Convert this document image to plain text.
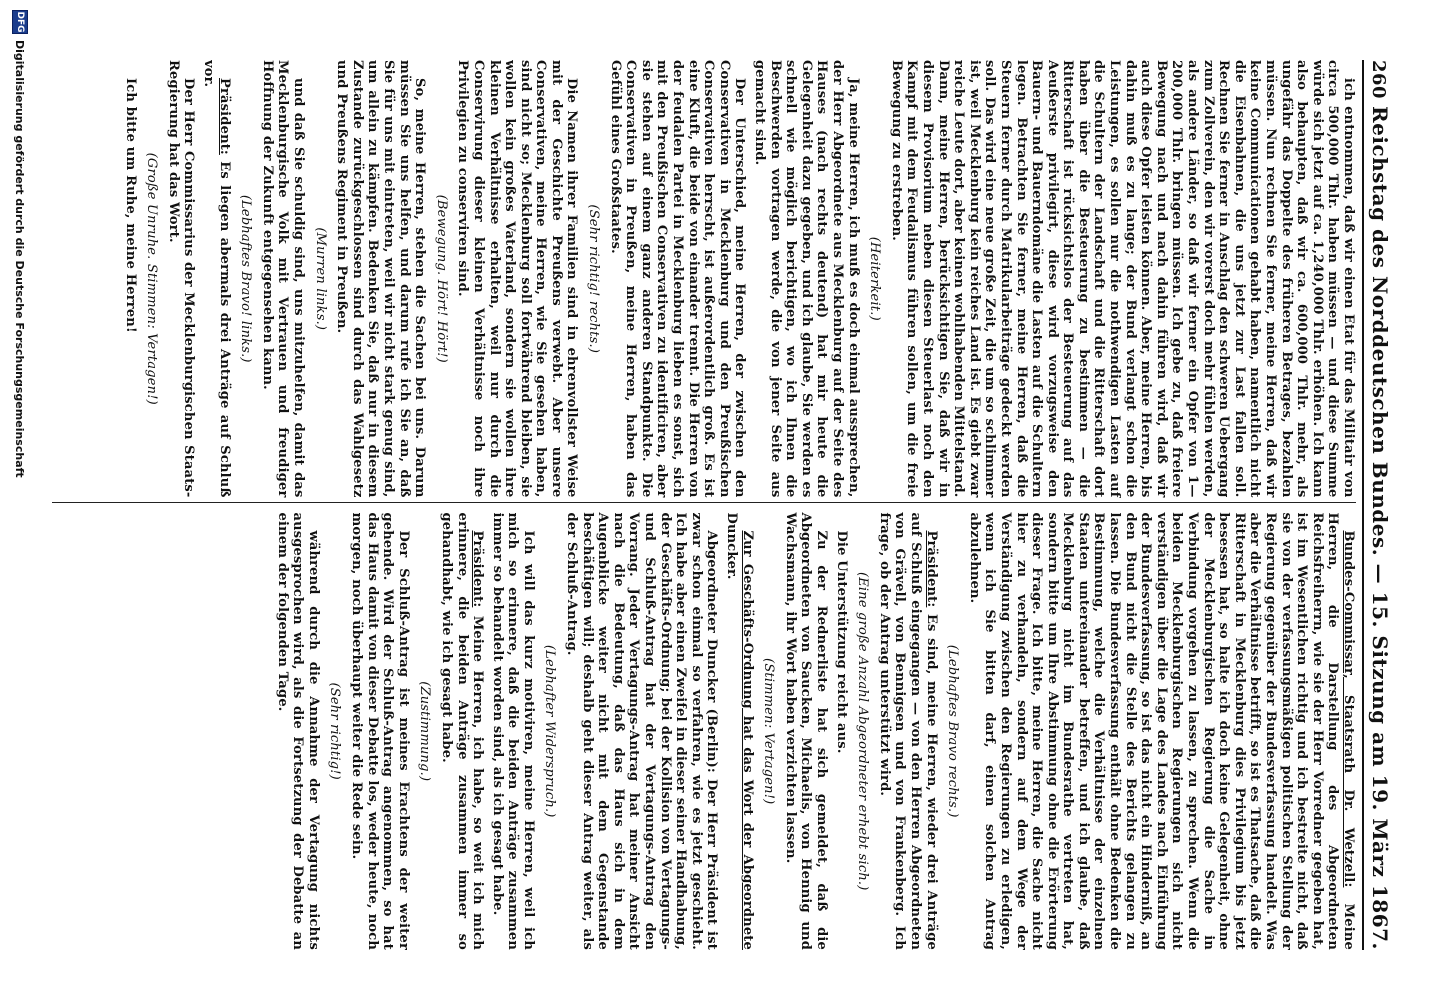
260
Reichstag des Norddeutschen Bundes. — 15. Sitzung am 19. März 1867.

ich entnommen, daß wir einen Etat für das Militair von circa 500,000 Thlr. haben müssen — und diese Summe würde sich jetzt auf ca. 1,240,000 Thlr. erhöhen. Ich kann also behaupten, daß wir ca. 600,000 Thlr. mehr, als ungefähr das Doppelte des früheren Betrages, bezahlen müssen. Nun rechnen Sie ferner, meine Herren, daß wir keine Communicationen gehabt haben, namentlich nicht die Eisenbahnen, die uns jetzt zur Last fallen soll. Rechnen Sie ferner in Anschlag den schweren Uebergang zum Zollverein, den wir vorerst doch mehr fühlen werden, als andere Länder, so daß wir ferner ein Opfer von 1—200,000 Thlr. bringen müssen. Ich gebe zu, daß freiere Bewegung nach und nach dahin führen wird, daß wir auch diese Opfer leisten können. Aber, meine Herren, bis dahin muß es zu lange; der Bund verlangt schon die Leistungen, es sollen nur die nothwendigen Lasten auf die Schultern der Landschaft und die Ritterschaft dort haben über die Besteuerung zu bestimmen — die Ritterschaft ist rücksichtslos der Besteuerung auf das Aeußerste privilegirt, diese wird vorzugsweise den Bauern- und Bauerndomäne die Lasten auf die Schultern legen. Betrachten Sie ferner, meine Herren, daß die Steuern ferner durch Matrikularbeiträge gedeckt werden soll. Das wird eine neue große Zeit, die um so schlimmer ist, weil Mecklenburg kein reiches Land ist. Es giebt zwar reiche Leute dort, aber keinen wohlhabenden Mittelstand. Dann, meine Herren, berücksichtigen Sie, daß wir in diesem Provisorium neben diesen Steuerlast noch den Kampf mit dem Feudalismus führen sollen, um die freie Bewegung zu erstreben.

(Heiterkeit.)

Ja, meine Herren, ich muß es doch einmal aussprechen, der Herr Abgeordnete aus Mecklenburg auf der Seite des Hauses (nach rechts deutend) hat mir heute die Gelegenheit dazu gegeben, und ich glaube, Sie werden es schnell wie möglich berichtigen, wo ich Ihnen die Beschwerden vortragen werde, die von jener Seite aus gemacht sind.

Der Unterschied, meine Herren, der zwischen den Conservativen in Mecklenburg und den Preußischen Conservativen herrscht, ist außerordentlich groß. Es ist eine Kluft, die beide von einander trennt. Die Herren von der feudalen Partei in Mecklenburg lieben es sonst, sich mit den Preußischen Conservativen zu identificiren, aber sie stehen auf einem ganz anderen Standpunkte. Die Conservativen in Preußen, meine Herren, haben das Gefühl eines Großstaates.

(Sehr richtig! rechts.)

Die Namen ihrer Familien sind in ehrenvollster Weise mit der Geschichte Preußens verwebt. Aber unsere Conservativen, meine Herren, wie Sie gesehen haben, sind nicht so; Mecklenburg soll fortwährend bleiben, sie wollen kein großes Vaterland, sondern sie wollen ihre kleinen Verhältnisse erhalten, weil nur durch die Conservirung dieser kleinen Verhältnisse noch ihre Privilegien zu conserviren sind.

(Bewegung. Hört! Hört!)

So, meine Herren, stehen die Sachen bei uns. Darum müssen Sie uns helfen, und darum rufe ich Sie an, daß Sie für uns mit eintreten, weil wir nicht stark genug sind, um allein zu kämpfen. Bedenken Sie, daß nur in diesem Zustande zurückgeschlossen sind durch das Wahlgesetz und Preußens Regiment in Preußen.

(Murren links.)

und daß Sie schuldig sind, uns mitzuhelfen, damit das Mecklenburgische Volk mit Vertrauen und freudiger Hoffnung der Zukunft entgegensehen kann.

(Lebhaftes Bravo! links.)

Präsident: Es liegen abermals drei Anträge auf Schluß vor.

Der Herr Commissarius der Mecklenburgischen Staats-Regierung hat das Wort.

(Große Unruhe. Stimmen: Vertagen!)

Ich bitte um Ruhe, meine Herren!

Bundes-Commissar, Staatsrath Dr. Wetzell: Meine Herren, die Darstellung des Abgeordneten Reichsfreiherrn, wie sie der Herr Vorredner gegeben hat, ist im Wesentlichen richtig und ich bestreite nicht, daß sie von der verfassungsmäßigen politischen Stellung der Regierung gegenüber der Bundesverfassung handelt. Was aber die Verhältnisse betrifft, so ist es Thatsache, daß die Ritterschaft in Mecklenburg dies Privilegium bis jetzt besessen hat, so halte ich doch keine Gelegenheit, ohne der Mecklenburgischen Regierung die Sache in Verbindung vorgehen zu lassen, zu sprechen. Wenn die beiden Mecklenburgischen Regierungen sich nicht verständigen über die Lage des Landes nach Einführung der Bundesverfassung, so ist das nicht ein Hinderniß, an den Bund nicht die Stelle des Berichts gelangen zu lassen. Die Bundesverfassung enthält ohne Bedenken die Bestimmung, welche die Verhältnisse der einzelnen Staaten untereinander betreffen, und ich glaube, daß Mecklenburg nicht im Bundesrathe vertreten hat, sondern bitte um Ihre Abstimmung ohne die Erörterung dieser Frage. Ich bitte, meine Herren, die Sache nicht hier zu verhandeln, sondern auf dem Wege der Verständigung zwischen den Regierungen zu erledigen, wenn ich Sie bitten darf, einen solchen Antrag abzulehnen.

(Lebhaftes Bravo rechts.)

Präsident: Es sind, meine Herren, wieder drei Anträge auf Schluß eingegangen — von den Herren Abgeordneten von Grävell, von Bennigsen und von Frankenberg. Ich frage, ob der Antrag unterstützt wird.

(Eine große Anzahl Abgeordneter erhebt sich.)

Die Unterstützung reicht aus.

Zu der Rednerliste hat sich gemeldet, daß die Abgeordneten von Saucken, Michaelis, von Hennig und Wachsmann, ihr Wort haben verzichten lassen.

(Stimmen: Vertagen!)

Zur Geschäfts-Ordnung hat das Wort der Abgeordnete Duncker.

Abgeordneter Duncker (Berlin): Der Herr Präsident ist zwar schon einmal so verfahren, wie es jetzt geschieht. Ich habe aber einen Zweifel in dieser seiner Handhabung, der Geschäfts-Ordnung; bei der Kollision von Vertagungs- und Schluß-Antrag hat der Vertagungs-Antrag den Vorrang. Jeder Vertagungs-Antrag hat meiner Ansicht nach die Bedeutung, daß das Haus sich in dem Augenblicke weiter nicht mit dem Gegenstande beschäftigen will; deshalb geht dieser Antrag weiter, als der Schluß-Antrag.

(Lebhafter Widerspruch.)

Ich will das kurz motiviren, meine Herren, weil ich mich so erinnere, daß die beiden Anträge zusammen immer so behandelt worden sind, als ich gesagt habe.

Präsident: Meine Herren, ich habe, so weit ich mich erinnere, die beiden Anträge zusammen immer so gehandhabt, wie ich gesagt habe.

(Zustimmung.)

Der Schluß-Antrag ist meines Erachtens der weiter gehende. Wird der Schluß-Antrag angenommen, so hat das Haus damit von dieser Debatte los, weder heute, noch morgen, noch überhaupt weiter die Rede sein.

(Sehr richtig!)

während durch die Annahme der Vertagung nichts ausgesprochen wird, als die Fortsetzung der Debatte an einem der folgenden Tage.

DFG
Digitalisierung gefördert durch die Deutsche Forschungsgemeinschaft
